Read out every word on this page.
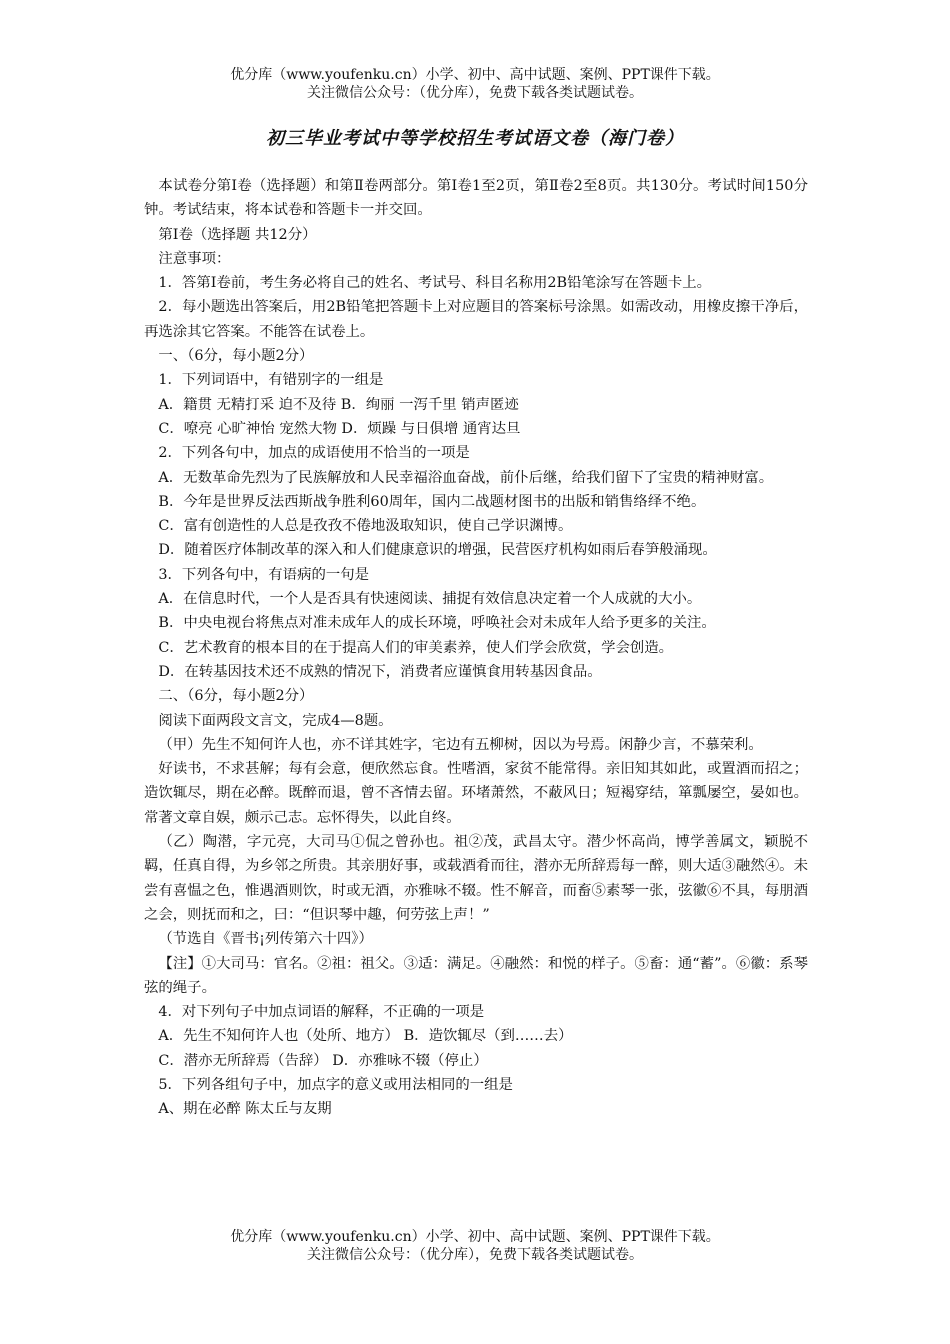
优分库（www.youfenku.cn）小学、初中、高中试题、案例、PPT课件下载。
关注微信公众号：（优分库），免费下载各类试题试卷。
初三毕业考试中等学校招生考试语文卷（海门卷）

本试卷分第Ⅰ卷（选择题）和第Ⅱ卷两部分。第Ⅰ卷1至2页，第Ⅱ卷2至8页。共130分。考试时间150分钟。考试结束，将本试卷和答题卡一并交回。

第Ⅰ卷（选择题 共12分）

注意事项：

1．答第Ⅰ卷前，考生务必将自己的姓名、考试号、科目名称用2B铅笔涂写在答题卡上。

2．每小题选出答案后，用2B铅笔把答题卡上对应题目的答案标号涂黑。如需改动，用橡皮擦干净后，再选涂其它答案。不能答在试卷上。

一、（6分，每小题2分）

1．下列词语中，有错别字的一组是

A．籍贯 无精打采 迫不及待 B．绚丽 一泻千里 销声匿迹

C．嘹亮 心旷神怡 宠然大物 D．烦躁 与日俱增 通宵达旦

2．下列各句中，加点的成语使用不恰当的一项是

A．无数革命先烈为了民族解放和人民幸福浴血奋战，前仆后继，给我们留下了宝贵的精神财富。

B．今年是世界反法西斯战争胜利60周年，国内二战题材图书的出版和销售络绎不绝。

C．富有创造性的人总是孜孜不倦地汲取知识，使自己学识渊博。

D．随着医疗体制改革的深入和人们健康意识的增强，民营医疗机构如雨后春笋般涌现。

3．下列各句中，有语病的一句是

A．在信息时代，一个人是否具有快速阅读、捕捉有效信息决定着一个人成就的大小。

B．中央电视台将焦点对准未成年人的成长环境，呼唤社会对未成年人给予更多的关注。

C．艺术教育的根本目的在于提高人们的审美素养，使人们学会欣赏，学会创造。

D．在转基因技术还不成熟的情况下，消费者应谨慎食用转基因食品。

二、（6分，每小题2分）

阅读下面两段文言文，完成4—8题。

（甲）先生不知何许人也，亦不详其姓字，宅边有五柳树，因以为号焉。闲静少言，不慕荣利。

好读书，不求甚解；每有会意，便欣然忘食。性嗜酒，家贫不能常得。亲旧知其如此，或置酒而招之；造饮辄尽，期在必醉。既醉而退，曾不吝情去留。环堵萧然，不蔽风日；短褐穿结，箪瓢屡空，晏如也。常著文章自娱，颇示己志。忘怀得失，以此自终。

（乙）陶潜，字元亮，大司马①侃之曾孙也。祖②茂，武昌太守。潜少怀高尚，博学善属文，颖脱不羁，任真自得，为乡邻之所贵。其亲朋好事，或载酒肴而往，潜亦无所辞焉每一醉，则大适③融然④。未尝有喜愠之色，惟遇酒则饮，时或无酒，亦雅咏不辍。性不解音，而畜⑤素琴一张，弦徽⑥不具，每朋酒之会，则抚而和之，曰：“但识琴中趣，何劳弦上声！”

（节选自《晋书¡列传第六十四》）

【注】①大司马：官名。②祖：祖父。③适：满足。④融然：和悦的样子。⑤畜：通“蓄”。⑥徽：系琴弦的绳子。

4．对下列句子中加点词语的解释，不正确的一项是

A．先生不知何许人也（处所、地方） B．造饮辄尽（到……去）

C．潜亦无所辞焉（告辞） D．亦雅咏不辍（停止）

5．下列各组句子中，加点字的意义或用法相同的一组是

A、期在必醉 陈太丘与友期

优分库（www.youfenku.cn）小学、初中、高中试题、案例、PPT课件下载。
关注微信公众号：（优分库），免费下载各类试题试卷。
